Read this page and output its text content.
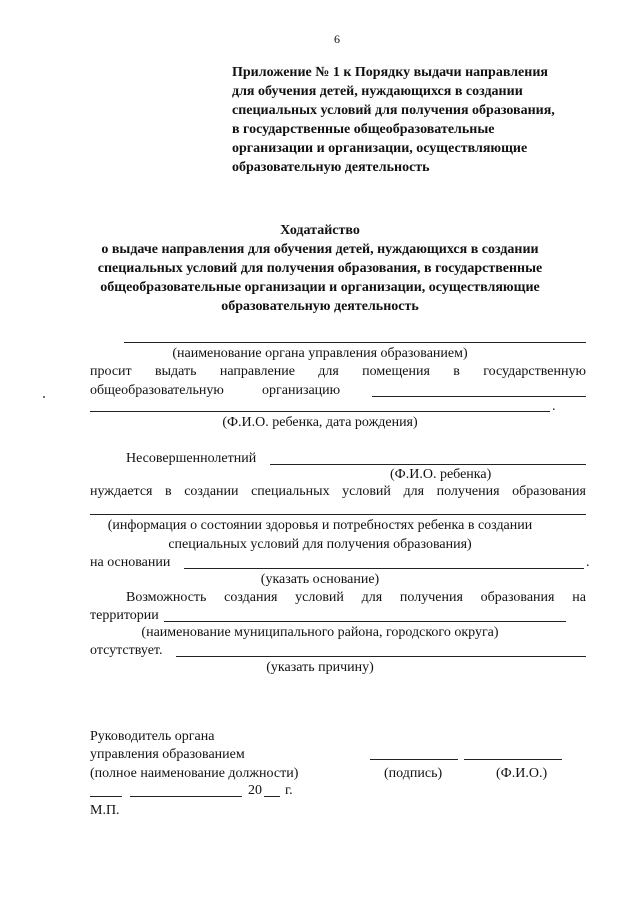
6
Приложение № 1 к Порядку выдачи направления
для обучения детей, нуждающихся в создании
специальных условий для получения образования,
в государственные общеобразовательные
организации и организации, осуществляющие
образовательную деятельность
Ходатайство
о выдаче направления для обучения детей, нуждающихся в создании
специальных условий для получения образования, в государственные
общеобразовательные организации и организации, осуществляющие
образовательную деятельность
(наименование органа управления образованием)
просит выдать направление для помещения в государственную
общеобразовательную	организацию
.
(Ф.И.О. ребенка, дата рождения)
Несовершеннолетний
(Ф.И.О. ребенка)
нуждается в создании специальных условий для получения образования
(информация о состоянии здоровья и потребностях ребенка в создании
специальных условий для получения образования)
на основании	.
(указать основание)
Возможность создания условий для получения образования на
территории
(наименование муниципального района, городского округа)
отсутствует.
(указать причину)
Руководитель органа
управления образованием
(полное наименование должности)	(подпись)	(Ф.И.О.)
20 г.
М.П.
